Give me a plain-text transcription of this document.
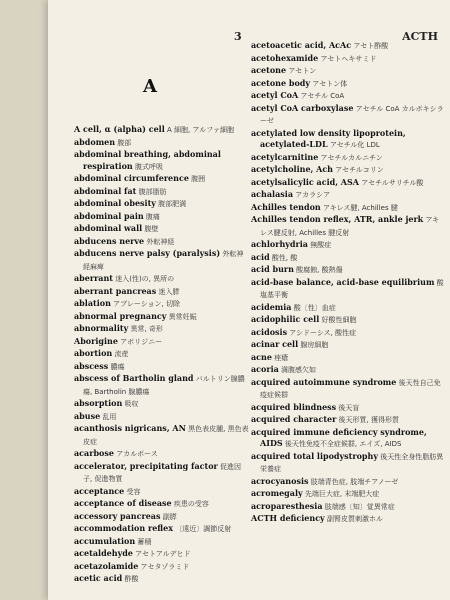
3	ACTH
A
A cell, α (alpha) cell A 細胞, アルファ細胞
abdomen 腹部
abdominal breathing, abdominal respiration 腹式呼吸
abdominal circumference 腹囲
abdominal fat 腹部脂肪
abdominal obesity 腹部肥満
abdominal pain 腹痛
abdominal wall 腹壁
abducens nerve 外転神経
abducens nerve palsy (paralysis) 外転神経麻痺
aberrant 迷入(性)の, 異所の
aberrant pancreas 迷入膵
ablation アブレーション, 切除
abnormal pregnancy 異常妊娠
abnormality 異常, 奇形
Aborigine アボリジニー
abortion 流産
abscess 膿瘍
abscess of Bartholin gland バルトリン腺膿瘍, Bartholin 腺膿瘍
absorption 吸収
abuse 乱用
acanthosis nigricans, AN 黒色表皮腫, 黒色表皮症
acarbose アカルボース
accelerator, precipitating factor 促進因子, 促進物質
acceptance 受容
acceptance of disease 疾患の受容
accessory pancreas 副膵
accommodation reflex 〔遠近〕調節反射
accumulation 蓄積
acetaldehyde アセトアルデヒド
acetazolamide アセタゾラミド
acetic acid 酢酸
acetoacetic acid, AcAc アセト酢酸
acetohexamide アセトヘキサミド
acetone アセトン
acetone body アセトン体
acetyl CoA アセチル CoA
acetyl CoA carboxylase アセチル CoA カルボキシラーゼ
acetylated low density lipoprotein, acetylated-LDL アセチル化 LDL
acetylcarnitine アセチルカルニチン
acetylcholine, Ach アセチルコリン
acetylsalicylic acid, ASA アセチルサリチル酸
achalasia アカラシア
Achilles tendon アキレス腱, Achilles 腱
Achilles tendon reflex, ATR, ankle jerk アキレス腱反射, Achilles 腱反射
achlorhydria 無酸症
acid 酸性, 酸
acid burn 酸腐蝕, 酸熱傷
acid-base balance, acid-base equilibrium 酸塩基平衡
acidemia 酸〔性〕血症
acidophilic cell 好酸性細胞
acidosis アシドーシス, 酸性症
acinar cell 腺房細胞
acne 痤瘡
acoria 満腹感欠如
acquired autoimmune syndrome 後天性自己免疫症候群
acquired blindness 後天盲
acquired character 後天形質, 獲得形質
acquired immune deficiency syndrome, AIDS 後天性免疫不全症候群, エイズ, AIDS
acquired total lipodystrophy 後天性全身性脂肪異栄養症
acrocyanosis 肢端青色症, 肢端チアノーゼ
acromegaly 先端巨大症, 末端肥大症
acroparesthesia 肢端感〔知〕覚異常症
ACTH deficiency 副腎皮質刺激ホル
